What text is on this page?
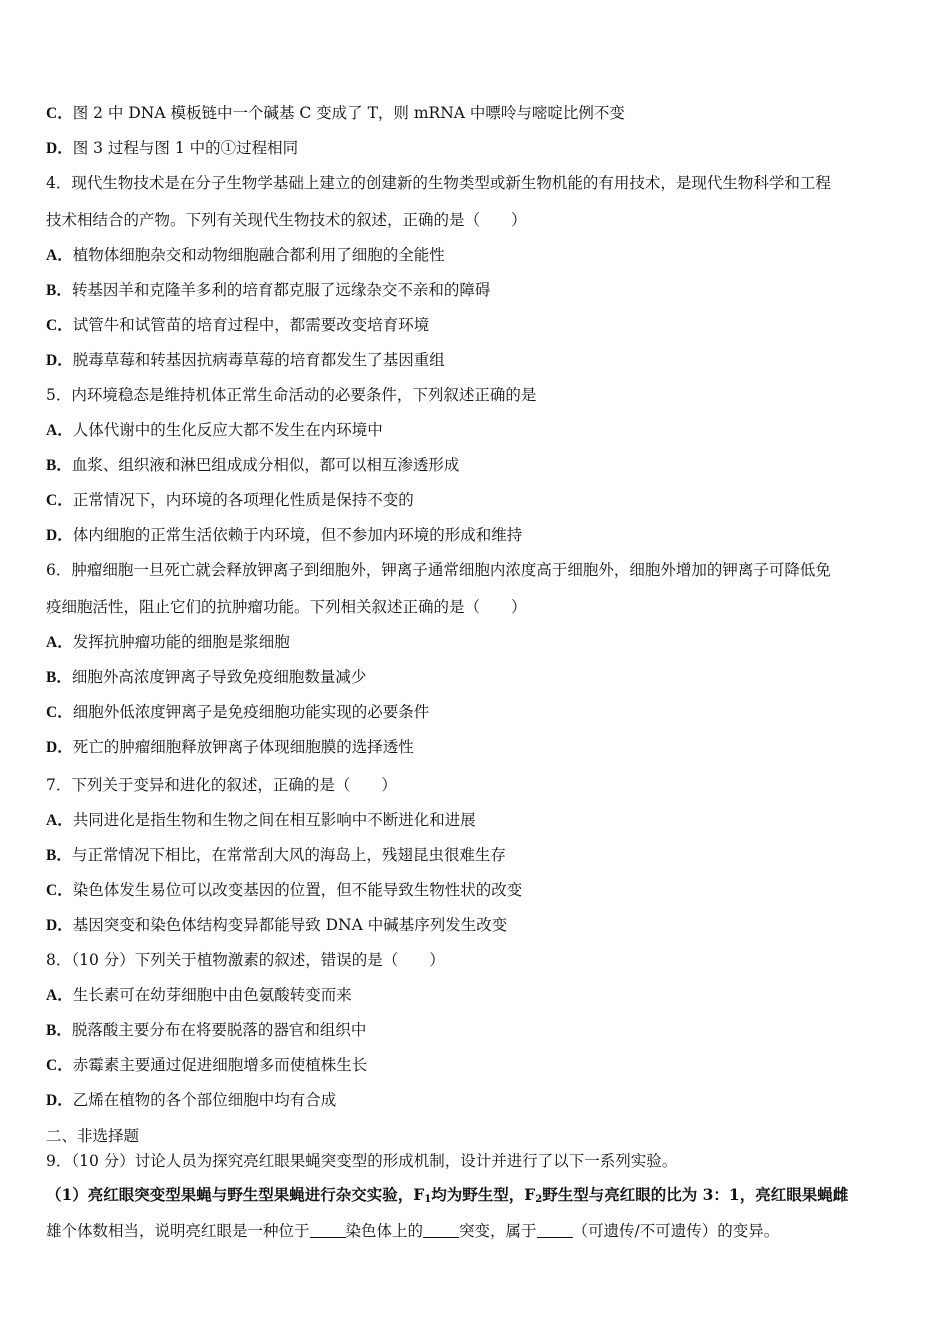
C．图 2 中 DNA 模板链中一个碱基 C 变成了 T，则 mRNA 中嘌呤与嘧啶比例不变
D．图 3 过程与图 1 中的①过程相同
4．现代生物技术是在分子生物学基础上建立的创建新的生物类型或新生物机能的有用技术，是现代生物科学和工程
技术相结合的产物。下列有关现代生物技术的叙述，正确的是（　　）
A．植物体细胞杂交和动物细胞融合都利用了细胞的全能性
B．转基因羊和克隆羊多利的培育都克服了远缘杂交不亲和的障碍
C．试管牛和试管苗的培育过程中，都需要改变培育环境
D．脱毒草莓和转基因抗病毒草莓的培育都发生了基因重组
5．内环境稳态是维持机体正常生命活动的必要条件，下列叙述正确的是
A．人体代谢中的生化反应大都不发生在内环境中
B．血浆、组织液和淋巴组成成分相似，都可以相互渗透形成
C．正常情况下，内环境的各项理化性质是保持不变的
D．体内细胞的正常生活依赖于内环境，但不参加内环境的形成和维持
6．肿瘤细胞一旦死亡就会释放钾离子到细胞外，钾离子通常细胞内浓度高于细胞外，细胞外增加的钾离子可降低免
疫细胞活性，阻止它们的抗肿瘤功能。下列相关叙述正确的是（　　）
A．发挥抗肿瘤功能的细胞是浆细胞
B．细胞外高浓度钾离子导致免疫细胞数量减少
C．细胞外低浓度钾离子是免疫细胞功能实现的必要条件
D．死亡的肿瘤细胞释放钾离子体现细胞膜的选择透性
7．下列关于变异和进化的叙述，正确的是（　　）
A．共同进化是指生物和生物之间在相互影响中不断进化和进展
B．与正常情况下相比，在常常刮大风的海岛上，残翅昆虫很难生存
C．染色体发生易位可以改变基因的位置，但不能导致生物性状的改变
D．基因突变和染色体结构变异都能导致 DNA 中碱基序列发生改变
8．（10 分）下列关于植物激素的叙述，错误的是（　　）
A．生长素可在幼芽细胞中由色氨酸转变而来
B．脱落酸主要分布在将要脱落的器官和组织中
C．赤霉素主要通过促进细胞增多而使植株生长
D．乙烯在植物的各个部位细胞中均有合成
二、非选择题
9．（10 分）讨论人员为探究亮红眼果蝇突变型的形成机制，设计并进行了以下一系列实验。
（1）亮红眼突变型果蝇与野生型果蝇进行杂交实验，$F_1$均为野生型，$F_2$野生型与亮红眼的比为 3：1，亮红眼果蝇雌
雄个体数相当，说明亮红眼是一种位于 染色体上的 突变，属于 （可遗传/不可遗传）的变异。
